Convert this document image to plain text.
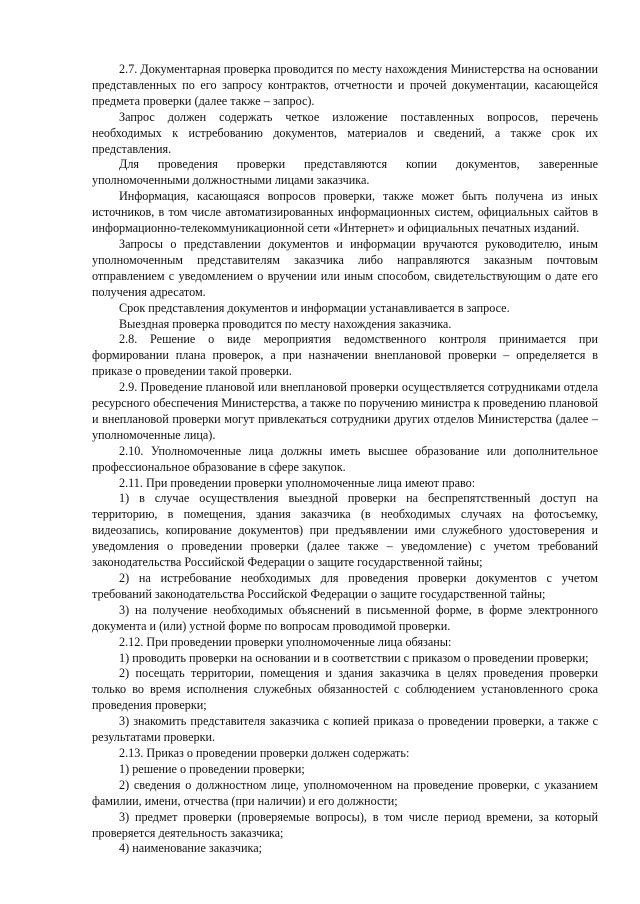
2.7. Документарная проверка проводится по месту нахождения Министерства на основании представленных по его запросу контрактов, отчетности и прочей документации, касающейся предмета проверки (далее также – запрос).

Запрос должен содержать четкое изложение поставленных вопросов, перечень необходимых к истребованию документов, материалов и сведений, а также срок их представления.

Для проведения проверки представляются копии документов, заверенные уполномоченными должностными лицами заказчика.

Информация, касающаяся вопросов проверки, также может быть получена из иных источников, в том числе автоматизированных информационных систем, официальных сайтов в информационно-телекоммуникационной сети «Интернет» и официальных печатных изданий.

Запросы о представлении документов и информации вручаются руководителю, иным уполномоченным представителям заказчика либо направляются заказным почтовым отправлением с уведомлением о вручении или иным способом, свидетельствующим о дате его получения адресатом.

Срок представления документов и информации устанавливается в запросе.

Выездная проверка проводится по месту нахождения заказчика.

2.8. Решение о виде мероприятия ведомственного контроля принимается при формировании плана проверок, а при назначении внеплановой проверки – определяется в приказе о проведении такой проверки.

2.9. Проведение плановой или внеплановой проверки осуществляется сотрудниками отдела ресурсного обеспечения Министерства, а также по поручению министра к проведению плановой и внеплановой проверки могут привлекаться сотрудники других отделов Министерства (далее – уполномоченные лица).

2.10. Уполномоченные лица должны иметь высшее образование или дополнительное профессиональное образование в сфере закупок.

2.11. При проведении проверки уполномоченные лица имеют право:

1) в случае осуществления выездной проверки на беспрепятственный доступ на территорию, в помещения, здания заказчика (в необходимых случаях на фотосъемку, видеозапись, копирование документов) при предъявлении ими служебного удостоверения и уведомления о проведении проверки (далее также – уведомление) с учетом требований законодательства Российской Федерации о защите государственной тайны;

2) на истребование необходимых для проведения проверки документов с учетом требований законодательства Российской Федерации о защите государственной тайны;

3) на получение необходимых объяснений в письменной форме, в форме электронного документа и (или) устной форме по вопросам проводимой проверки.

2.12. При проведении проверки уполномоченные лица обязаны:

1) проводить проверки на основании и в соответствии с приказом о проведении проверки;

2) посещать территории, помещения и здания заказчика в целях проведения проверки только во время исполнения служебных обязанностей с соблюдением установленного срока проведения проверки;

3) знакомить представителя заказчика с копией приказа о проведении проверки, а также с результатами проверки.

2.13. Приказ о проведении проверки должен содержать:

1) решение о проведении проверки;

2) сведения о должностном лице, уполномоченном на проведение проверки, с указанием фамилии, имени, отчества (при наличии) и его должности;

3) предмет проверки (проверяемые вопросы), в том числе период времени, за который проверяется деятельность заказчика;

4) наименование заказчика;
